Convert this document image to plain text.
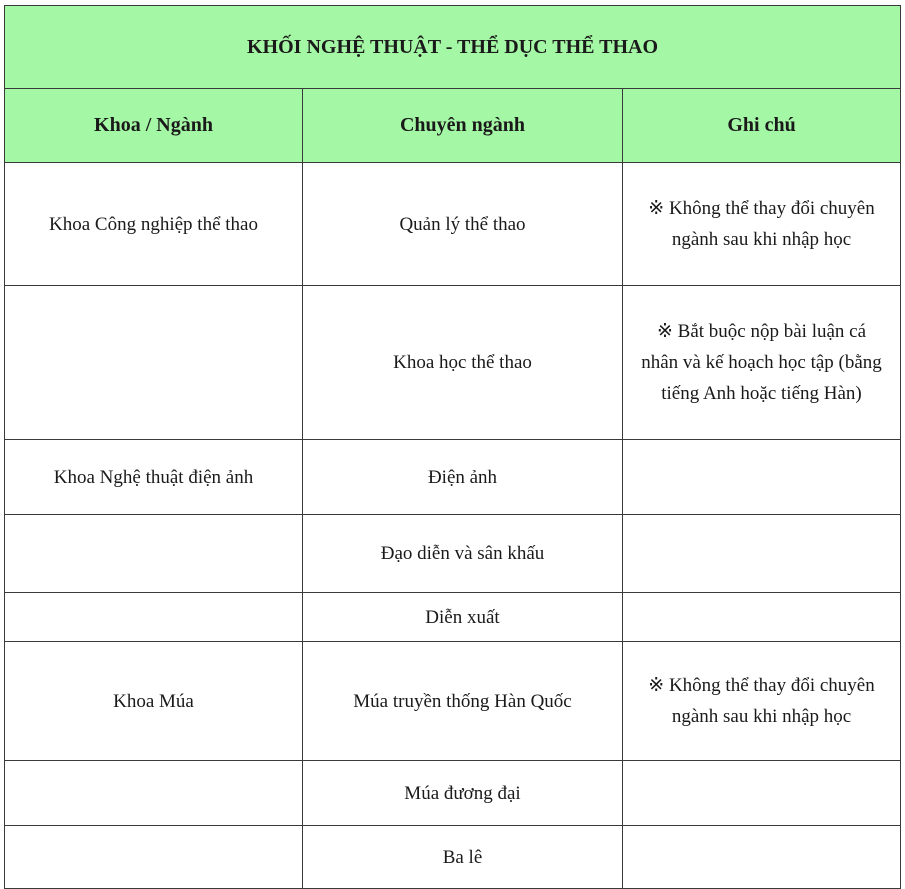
KHỐI NGHỆ THUẬT - THỂ DỤC THỂ THAO		
Khoa / Ngành	Chuyên ngành	Ghi chú
Khoa Công nghiệp thể thao	Quản lý thể thao	※ Không thể thay đổi chuyên ngành sau khi nhập học
	Khoa học thể thao	※ Bắt buộc nộp bài luận cá nhân và kế hoạch học tập (bằng tiếng Anh hoặc tiếng Hàn)
Khoa Nghệ thuật điện ảnh	Điện ảnh	
	Đạo diễn và sân khấu	
	Diễn xuất	
Khoa Múa	Múa truyền thống Hàn Quốc	※ Không thể thay đổi chuyên ngành sau khi nhập học
	Múa đương đại	
	Ba lê	
